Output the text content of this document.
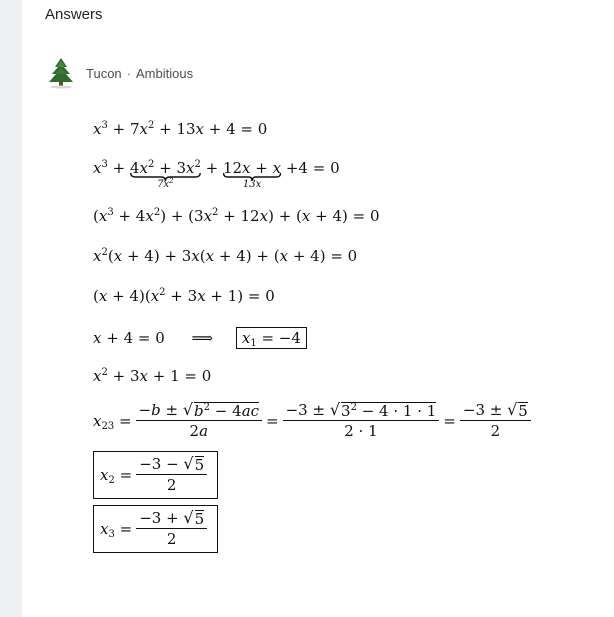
Answers
Tucon · Ambitious
$x^3 + 7x^2 + 13x + 4 = 0$
$x^3 + 4x^2 + 3x^2$
$7x^2$
+ 12x + x
13x
+4 = 0
$(x^3 + 4x^2) + (3x^2 + 12x) + (x + 4) = 0$
$x^2(x + 4) + 3x(x + 4) + (x + 4) = 0$
$(x + 4)(x^2 + 3x + 1) = 0$
x + 4 = 0 ⟹ $x_1 = -4$
$x^2 + 3x + 1 = 0$
$x_{23} = \frac{-b \pm √ b^2 - 4ac}{2a} = \frac{-3 \pm √ 3^2 - 4 \cdot 1 \cdot 1}{2 \cdot 1} = \frac{-3 \pm √ 5}{2}$
$x_2 = \frac{-3 - √ 5}{2}$
$x_3 = \frac{-3 + √ 5}{2}$
